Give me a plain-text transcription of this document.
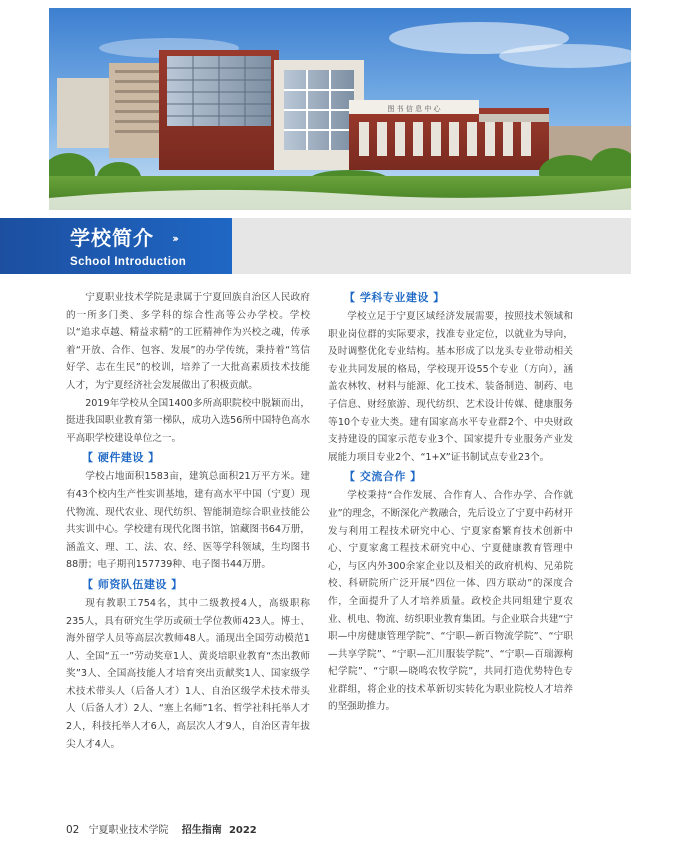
图 书 信 息 中 心
学校简介 ›››
School Introduction

宁夏职业技术学院是隶属于宁夏回族自治区人民政府的一所多门类、多学科的综合性高等公办学校。学校以“追求卓越、精益求精”的工匠精神作为兴校之魂，传承着“开放、合作、包容、发展”的办学传统，秉持着“笃信好学、志在生民”的校训，培养了一大批高素质技术技能人才，为宁夏经济社会发展做出了积极贡献。

2019年学校从全国1400多所高职院校中脱颖而出，挺进我国职业教育第一梯队，成功入选56所中国特色高水平高职学校建设单位之一。

【 硬件建设 】

学校占地面积1583亩，建筑总面积21万平方米。建有43个校内生产性实训基地，建有高水平中国（宁夏）现代物流、现代农业、现代纺织、智能制造综合职业技能公共实训中心。学校建有现代化图书馆，馆藏图书64万册，涵盖文、理、工、法、农、经、医等学科领域，生均图书88册；电子期刊157739种、电子图书44万册。

【 师资队伍建设 】

现有教职工754名，其中二级教授4人，高级职称235人，具有研究生学历或硕士学位教师423人。博士、海外留学人员等高层次教师48人。涌现出全国劳动模范1人、全国“五一”劳动奖章1人、黄炎培职业教育“杰出教师奖”3人、全国高技能人才培育突出贡献奖1人、国家级学术技术带头人（后备人才）1人、自治区级学术技术带头人（后备人才）2人、“塞上名师”1名、哲学社科托举人才2人，科技托举人才6人，高层次人才9人，自治区青年拔尖人才4人。

【 学科专业建设 】

学校立足于宁夏区域经济发展需要，按照技术领域和职业岗位群的实际要求，找准专业定位，以就业为导向，及时调整优化专业结构。基本形成了以龙头专业带动相关专业共同发展的格局，学校现开设55个专业（方向），涵盖农林牧、材料与能源、化工技术、装备制造、制药、电子信息、财经旅游、现代纺织、艺术设计传媒、健康服务等10个专业大类。建有国家高水平专业群2个、中央财政支持建设的国家示范专业3个、国家提升专业服务产业发展能力项目专业2个、“1+X”证书制试点专业23个。

【 交流合作 】

学校秉持“合作发展、合作育人、合作办学、合作就业”的理念，不断深化产教融合，先后设立了宁夏中药材开发与利用工程技术研究中心、宁夏家畜繁育技术创新中心、宁夏家禽工程技术研究中心、宁夏健康教育管理中心，与区内外300余家企业以及相关的政府机构、兄弟院校、科研院所广泛开展“四位一体、四方联动”的深度合作，全面提升了人才培养质量。政校企共同组建宁夏农业、机电、物流、纺织职业教育集团。与企业联合共建“宁职—中房健康管理学院”、“宁职—新百物流学院”、“宁职—共享学院”、“宁职—汇川服装学院”、“宁职—百瑞源枸杞学院”、“宁职—晓鸣农牧学院”，共同打造优势特色专业群组，将企业的技术革新切实转化为职业院校人才培养的坚强助推力。

02 宁夏职业技术学院 招生指南 2022
